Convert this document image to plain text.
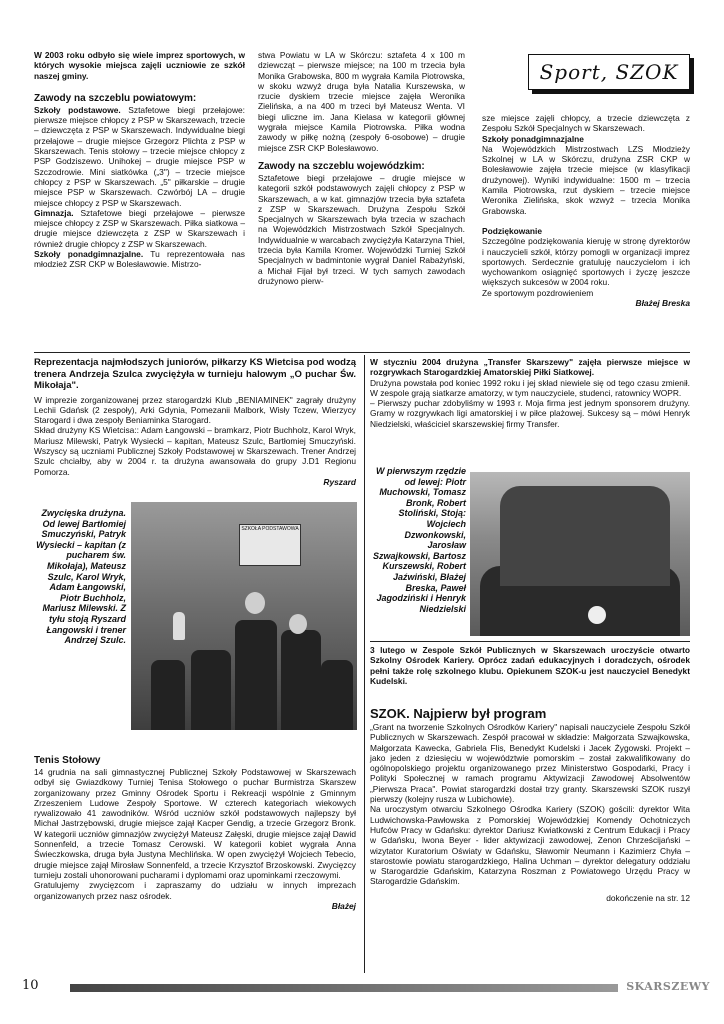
W 2003 roku odbyło się wiele imprez sportowych, w których wysokie miejsca zajęli uczniowie ze szkół naszej gminy.

Zawody na szczeblu powiatowym:

Szkoły podstawowe. Sztafetowe biegi przełajowe: pierwsze miejsce chłopcy z PSP w Skarszewach, trzecie – dziewczęta z PSP w Skarszewach. Indywidualne biegi przełajowe – drugie miejsce Grzegorz Plichta z PSP w Skarszewach. Tenis stołowy – trzecie miejsce chłopcy z PSP Godziszewo. Unihokej – drugie miejsce PSP w Szczodrowie. Mini siatkówka („3") – trzecie miejsce chłopcy z PSP w Skarszewach. „5" piłkarskie – drugie miejsce PSP w Skarszewach. Czwórbój LA – drugie miejsce chłopcy z PSP w Skarszewach.

Gimnazja. Sztafetowe biegi przełajowe – pierwsze miejsce chłopcy z ZSP w Skarszewach. Piłka siatkowa – drugie miejsce dziewczęta z ZSP w Skarszewach i również drugie chłopcy z ZSP w Skarszewach.

Szkoły ponadgimnazjalne. Tu reprezentowała nas młodzież ZSR CKP w Bolesławowie. Mistrzo-

stwa Powiatu w LA w Skórczu: sztafeta 4 x 100 m dziewcząt – pierwsze miejsce; na 100 m trzecia była Monika Grabowska, 800 m wygrała Kamila Piotrowska, w skoku wzwyż druga była Natalia Kurszewska, w rzucie dyskiem trzecie miejsce zajęła Weronika Zielińska, a na 400 m trzeci był Mateusz Wenta. VI biegi uliczne im. Jana Kielasa w kategorii głównej wygrała miejsce Kamila Piotrowska. Piłka wodna zawody w piłkę nożną (zespoły 6-osobowe) – drugie miejsce ZSR CKP Bolesławowo.

Zawody na szczeblu wojewódzkim:

Sztafetowe biegi przełajowe – drugie miejsce w kategorii szkół podstawowych zajęli chłopcy z PSP w Skarszewach, a w kat. gimnazjów trzecia była sztafeta z ZSP w Skarszewach. Drużyna Zespołu Szkół Specjalnych w Skarszewach była trzecia w szachach na Wojewódzkich Mistrzostwach Szkół Specjalnych. Indywidualnie w warcabach zwyciężyła Katarzyna Thiel, trzecia była Kamila Kromer. Wojewódzki Turniej Szkół Specjalnych w badmintonie wygrał Daniel Rabażyński, a Michał Fijał był trzeci. W tych samych zawodach drużynowo pierw-

Sport, SZOK

sze miejsce zajęli chłopcy, a trzecie dziewczęta z Zespołu Szkół Specjalnych w Skarszewach.

Szkoły ponadgimnazjalne

Na Wojewódzkich Mistrzostwach LZS Młodzieży Szkolnej w LA w Skórczu, drużyna ZSR CKP w Bolesławowie zajęła trzecie miejsce (w klasyfikacji drużynowej). Wyniki indywidualne: 1500 m – trzecia Kamila Piotrowska, rzut dyskiem – trzecie miejsce Weronika Zielińska, skok wzwyż – trzecia Monika Grabowska.

Podziękowanie

Szczególne podziękowania kieruję w stronę dyrektorów i nauczycieli szkół, którzy pomogli w organizacji imprez sportowych. Serdecznie gratuluję nauczycielom i ich wychowankom osiągnięć sportowych i życzę jeszcze większych sukcesów w 2004 roku.

Ze sportowym pozdrowieniem

Błażej Breska

Reprezentacja najmłodszych juniorów, piłkarzy KS Wietcisa pod wodzą trenera Andrzeja Szulca zwyciężyła w turnieju halowym „O puchar Św. Mikołaja".

W imprezie zorganizowanej przez starogardzki Klub „BENIAMINEK" zagrały drużyny Lechii Gdańsk (2 zespoły), Arki Gdynia, Pomezanii Malbork, Wisły Tczew, Wierzycy Starogard i dwa zespoły Beniaminka Starogard.

Skład drużyny KS Wietcisa:: Adam Łangowski – bramkarz, Piotr Buchholz, Karol Wryk, Mariusz Milewski, Patryk Wysiecki – kapitan, Mateusz Szulc, Bartłomiej Smuczyński. Wszyscy są uczniami Publicznej Szkoły Podstawowej w Skarszewach. Trener Andrzej Szulc chciałby, aby w 2004 r. ta drużyna awansowała do grupy J.D1 Regionu Pomorza.

Ryszard

Zwycięska drużyna. Od lewej Bartłomiej Smuczyński, Patryk Wysiecki – kapitan (z pucharem św. Mikołaja), Mateusz Szulc, Karol Wryk, Adam Łangowski, Piotr Buchholz, Mariusz Milewski. Z tyłu stoją Ryszard Łangowski i trener Andrzej Szulc.
SZKOŁA PODSTAWOWA

W styczniu 2004 drużyna „Transfer Skarszewy" zajęła pierwsze miejsce w rozgrywkach Starogardzkiej Amatorskiej Piłki Siatkowej.

Drużyna powstała pod koniec 1992 roku i jej skład niewiele się od tego czasu zmienił. W zespole grają siatkarze amatorzy, w tym nauczyciele, studenci, ratownicy WOPR.

– Pierwszy puchar zdobyliśmy w 1993 r. Moja firma jest jednym sponsorem drużyny. Gramy w rozgrywkach ligi amatorskiej i w piłce plażowej. Sukcesy są – mówi Henryk Niedzielski, właściciel skarszewskiej firmy Transfer.

W pierwszym rzędzie od lewej: Piotr Muchowski, Tomasz Bronk, Robert Stoliński, Stoją: Wojciech Dzwonkowski, Jarosław Szwajkowski, Bartosz Kurszewski, Robert Jaźwiński, Błażej Breska, Paweł Jagodziński i Henryk Niedzielski

3 lutego w Zespole Szkół Publicznych w Skarszewach uroczyście otwarto Szkolny Ośrodek Kariery. Oprócz zadań edukacyjnych i doradczych, ośrodek pełni także rolę szkolnego klubu. Opiekunem SZOK-u jest nauczyciel Benedykt Kudelski.

SZOK. Najpierw był program

„Grant na tworzenie Szkolnych Ośrodków Kariery" napisali nauczyciele Zespołu Szkół Publicznych w Skarszewach. Zespół pracował w składzie: Małgorzata Szwajkowska, Małgorzata Kawecka, Gabriela Flis, Benedykt Kudelski i Jacek Żygowski. Projekt – jako jeden z dziesięciu w województwie pomorskim – został zakwalifikowany do ogólnopolskiego projektu organizowanego przez Ministerstwo Gospodarki, Pracy i Polityki Społecznej w ramach programu Aktywizacji Zawodowej Absolwentów „Pierwsza Praca". Powiat starogardzki dostał trzy granty. Skarszewski SZOK ruszył pierwszy (kolejny rusza w Lubichowie).

Na uroczystym otwarciu Szkolnego Ośrodka Kariery (SZOK) gościli: dyrektor Wita Ludwichowska-Pawłowska z Pomorskiej Wojewódzkiej Komendy Ochotniczych Hufców Pracy w Gdańsku: dyrektor Dariusz Kwiatkowski z Centrum Edukacji i Pracy w Gdańsku, Iwona Beyer - lider aktywizacji zawodowej, Zenon Chrześcijański – wizytator Kuratorium Oświaty w Gdańsku, Sławomir Neumann i Kazimierz Chyła – starostowie powiatu starogardzkiego, Halina Uchman – dyrektor delegatury oddziału w Starogardzie Gdańskim, Katarzyna Roszman z Powiatowego Urzędu Pracy w Starogardzie Gdańskim.

dokończenie na str. 12

Tenis Stołowy

14 grudnia na sali gimnastycznej Publicznej Szkoły Podstawowej w Skarszewach odbył się Gwiazdkowy Turniej Tenisa Stołowego o puchar Burmistrza Skarszew zorganizowany przez Gminny Ośrodek Sportu i Rekreacji wspólnie z Gminnym Zrzeszeniem Ludowe Zespoły Sportowe. W czterech kategoriach wiekowych rywalizowało 41 zawodników. Wśród uczniów szkół podstawowych najlepszy był Michał Jastrzębowski, drugie miejsce zajął Kacper Gendig, a trzecie Grzegorz Bronk. W kategorii uczniów gimnazjów zwyciężył Mateusz Załęski, drugie miejsce zajął Dawid Sonnenfeld, a trzecie Tomasz Cerowski. W kategorii kobiet wygrała Anna Świeczkowska, druga była Justyna Mechlińska. W open zwyciężył Wojciech Tebecio, drugie miejsce zajął Mirosław Sonnenfeld, a trzecie Krzysztof Brzoskowski. Zwycięzcy turnieju zostali uhonorowani pucharami i dyplomami oraz upominkami rzeczowymi.

Gratulujemy zwycięzcom i zapraszamy do udziału w innych imprezach organizowanych przez nasz ośrodek.

Błażej

10	SKARSZEWY
